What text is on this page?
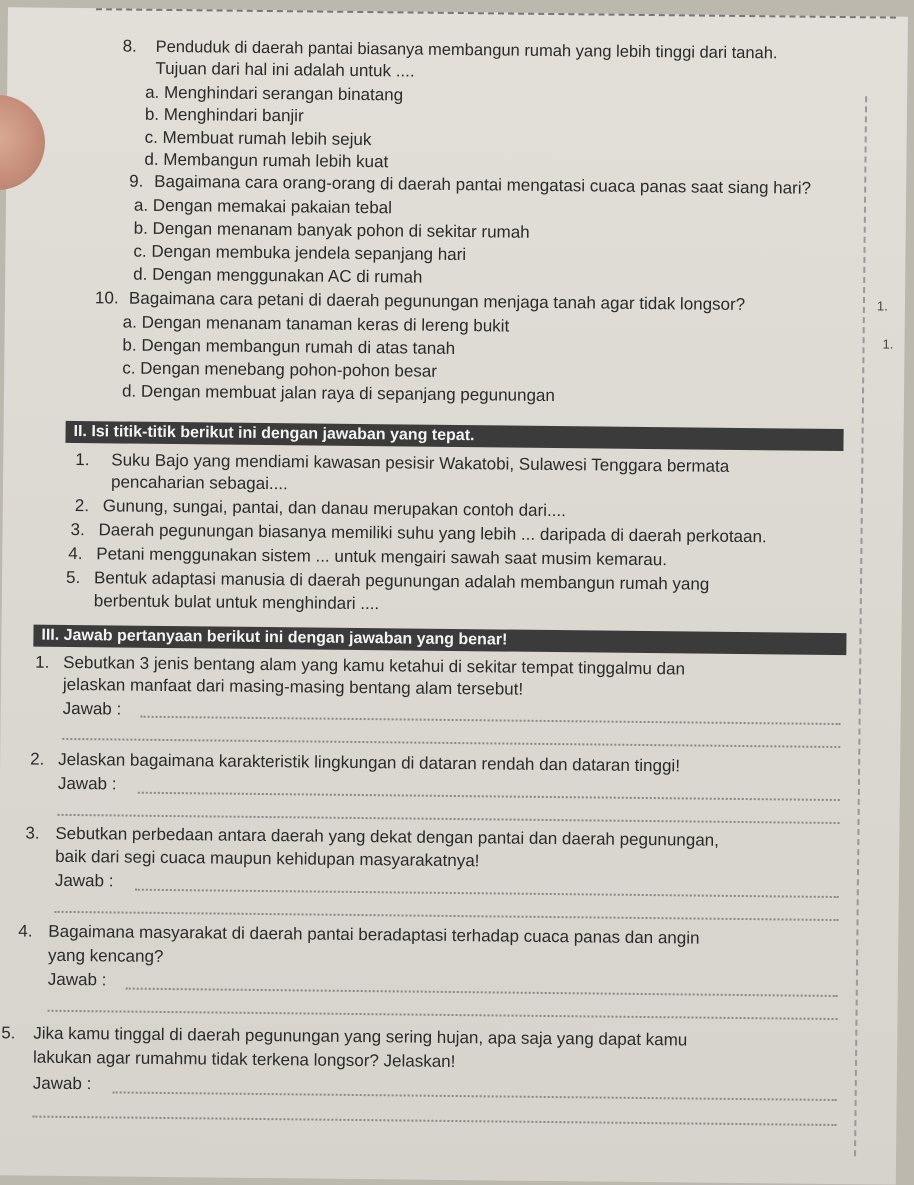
8. Penduduk di daerah pantai biasanya membangun rumah yang lebih tinggi dari tanah.
Tujuan dari hal ini adalah untuk ....
a. Menghindari serangan binatang
b. Menghindari banjir
c. Membuat rumah lebih sejuk
d. Membangun rumah lebih kuat
9. Bagaimana cara orang-orang di daerah pantai mengatasi cuaca panas saat siang hari?
a. Dengan memakai pakaian tebal
b. Dengan menanam banyak pohon di sekitar rumah
c. Dengan membuka jendela sepanjang hari
d. Dengan menggunakan AC di rumah
10. Bagaimana cara petani di daerah pegunungan menjaga tanah agar tidak longsor?
a. Dengan menanam tanaman keras di lereng bukit
b. Dengan membangun rumah di atas tanah
c. Dengan menebang pohon-pohon besar
d. Dengan membuat jalan raya di sepanjang pegunungan
II. Isi titik-titik berikut ini dengan jawaban yang tepat.
1. Suku Bajo yang mendiami kawasan pesisir Wakatobi, Sulawesi Tenggara bermata
pencaharian sebagai....
2. Gunung, sungai, pantai, dan danau merupakan contoh dari....
3. Daerah pegunungan biasanya memiliki suhu yang lebih ... daripada di daerah perkotaan.
4. Petani menggunakan sistem ... untuk mengairi sawah saat musim kemarau.
5. Bentuk adaptasi manusia di daerah pegunungan adalah membangun rumah yang
berbentuk bulat untuk menghindari ....
III. Jawab pertanyaan berikut ini dengan jawaban yang benar!
1. Sebutkan 3 jenis bentang alam yang kamu ketahui di sekitar tempat tinggalmu dan
jelaskan manfaat dari masing-masing bentang alam tersebut!
Jawab :
2. Jelaskan bagaimana karakteristik lingkungan di dataran rendah dan dataran tinggi!
Jawab :
3. Sebutkan perbedaan antara daerah yang dekat dengan pantai dan daerah pegunungan,
baik dari segi cuaca maupun kehidupan masyarakatnya!
Jawab :
4. Bagaimana masyarakat di daerah pantai beradaptasi terhadap cuaca panas dan angin
yang kencang?
Jawab :
5. Jika kamu tinggal di daerah pegunungan yang sering hujan, apa saja yang dapat kamu
lakukan agar rumahmu tidak terkena longsor? Jelaskan!
Jawab :
1.
1.
